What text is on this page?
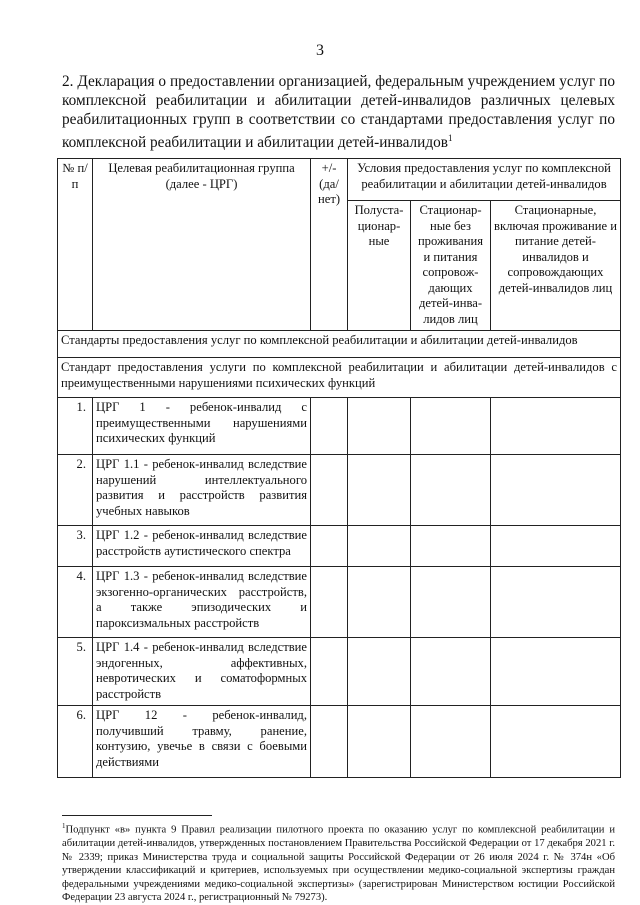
3
2. Декларация о предоставлении организацией, федеральным учреждением услуг по комплексной реабилитации и абилитации детей-инвалидов различных целевых реабилитационных групп в соответствии со стандартами предоставления услуг по комплексной реабилитации и абилитации детей-инвалидов$^1$
№ п/п	Целевая реабилитационная группа (далее - ЦРГ)	+/- (да/ нет)	Условия предоставления услуг по комплексной реабилитации и абилитации детей-инвалидов		
			Полуста-ционар-ные	Стационар-ные без проживания и питания сопровож-дающих детей-инва-лидов лиц	Стационарные, включая проживание и питание детей-инвалидов и сопровождающих детей-инвалидов лиц
Стандарты предоставления услуг по комплексной реабилитации и абилитации детей-инвалидов					
Стандарт предоставления услуги по комплексной реабилитации и абилитации детей-инвалидов с преимущественными нарушениями психических функций					
1.	ЦРГ 1 - ребенок-инвалид с преимущественными нарушениями психических функций				
2.	ЦРГ 1.1 - ребенок-инвалид вследствие нарушений интеллектуального развития и расстройств развития учебных навыков				
3.	ЦРГ 1.2 - ребенок-инвалид вследствие расстройств аутистического спектра				
4.	ЦРГ 1.3 - ребенок-инвалид вследствие экзогенно-органических расстройств, а также эпизодических и пароксизмальных расстройств				
5.	ЦРГ 1.4 - ребенок-инвалид вследствие эндогенных, аффективных, невротических и соматоформных расстройств				
6.	ЦРГ 12 - ребенок-инвалид, получивший травму, ранение, контузию, увечье в связи с боевыми действиями				
$^1$Подпункт «в» пункта 9 Правил реализации пилотного проекта по оказанию услуг по комплексной реабилитации и абилитации детей-инвалидов, утвержденных постановлением Правительства Российской Федерации от 17 декабря 2021 г. № 2339; приказ Министерства труда и социальной защиты Российской Федерации от 26 июля 2024 г. № 374н «Об утверждении классификаций и критериев, используемых при осуществлении медико-социальной экспертизы граждан федеральными учреждениями медико-социальной экспертизы» (зарегистрирован Министерством юстиции Российской Федерации 23 августа 2024 г., регистрационный № 79273).
